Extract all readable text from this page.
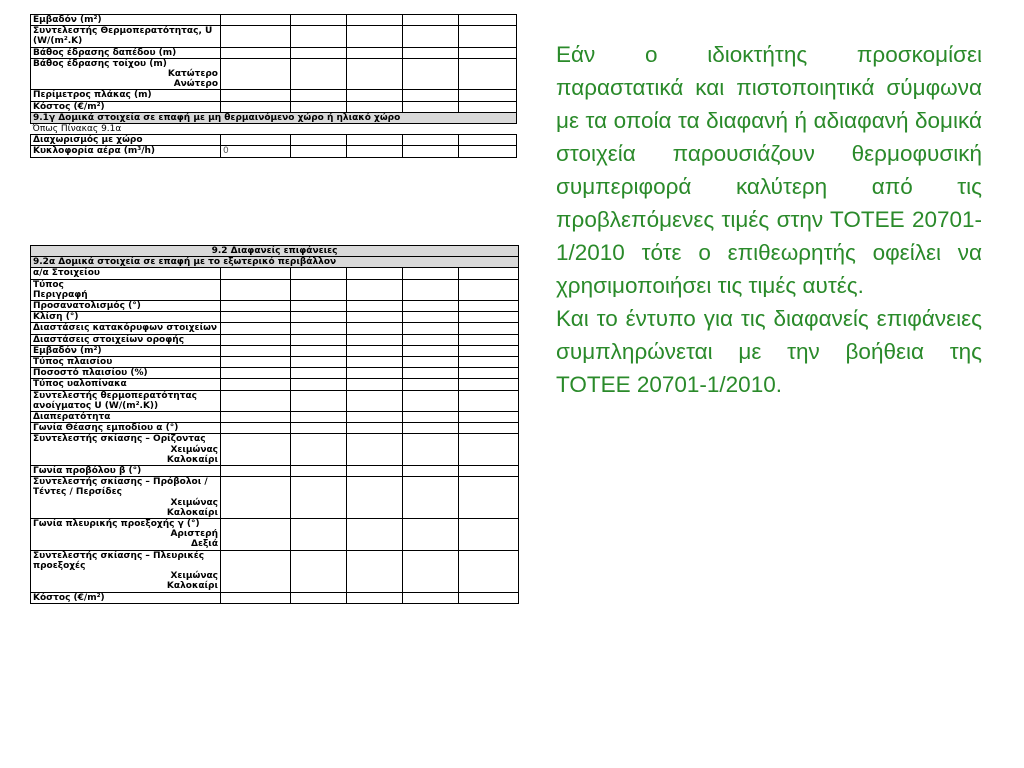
Εμβαδόν (m²)					
Συντελεστής Θερμοπερατότητας, U (W/(m².K)					
Βάθος έδρασης δαπέδου (m)					
Βάθος έδρασης τοίχου (m)
Κατώτερο
Ανώτερο					

Περίμετρος πλάκας (m)					
Κόστος (€/m²)					
9.1γ Δομικά στοιχεία σε επαφή με μη θερμαινόμενο χώρο ή ηλιακό χώρο					
Όπως Πίνακας 9.1α					
Διαχωρισμός με χώρο					
Κυκλοφορία αέρα (m³/h)	0				
9.2 Διαφανείς επιφάνειες					
9.2α Δομικά στοιχεία σε επαφή με το εξωτερικό περιβάλλον					
α/α Στοιχείου					
Τύπος
Περιγραφή					
Προσανατολισμός (°)					
Κλίση (°)					
Διαστάσεις κατακόρυφων στοιχείων					
Διαστάσεις στοιχείων οροφής					
Εμβαδόν (m²)					
Τύπος πλαισίου					
Ποσοστό πλαισίου (%)					
Τύπος υαλοπίνακα					
Συντελεστής θερμοπερατότητας ανοίγματος U (W/(m².K))					
Διαπερατότητα					
Γωνία Θέασης εμποδίου α (°)					
Συντελεστής σκίασης – Ορίζοντας
Χειμώνας
Καλοκαίρι					

Γωνία προβόλου β (°)					
Συντελεστής σκίασης – Πρόβολοι / Τέντες / Περσίδες
Χειμώνας
Καλοκαίρι					

Γωνία πλευρικής προεξοχής γ (°)
Αριστερή
Δεξιά					

Συντελεστής σκίασης – Πλευρικές προεξοχές
Χειμώνας
Καλοκαίρι					

Κόστος (€/m²)					

Εάν ο ιδιοκτήτης προσκομίσει παραστατικά και πιστοποιητικά σύμφωνα με τα οποία τα διαφανή ή αδιαφανή δομικά στοιχεία παρουσιάζουν θερμοφυσική συμπεριφορά καλύτερη από τις προβλεπόμενες τιμές στην ΤΟΤΕΕ 20701-1/2010 τότε ο επιθεωρητής οφείλει να χρησιμοποιήσει τις τιμές αυτές.

Και το έντυπο για τις διαφανείς επιφάνειες συμπληρώνεται με την βοήθεια της ΤΟΤΕΕ 20701-1/2010.
